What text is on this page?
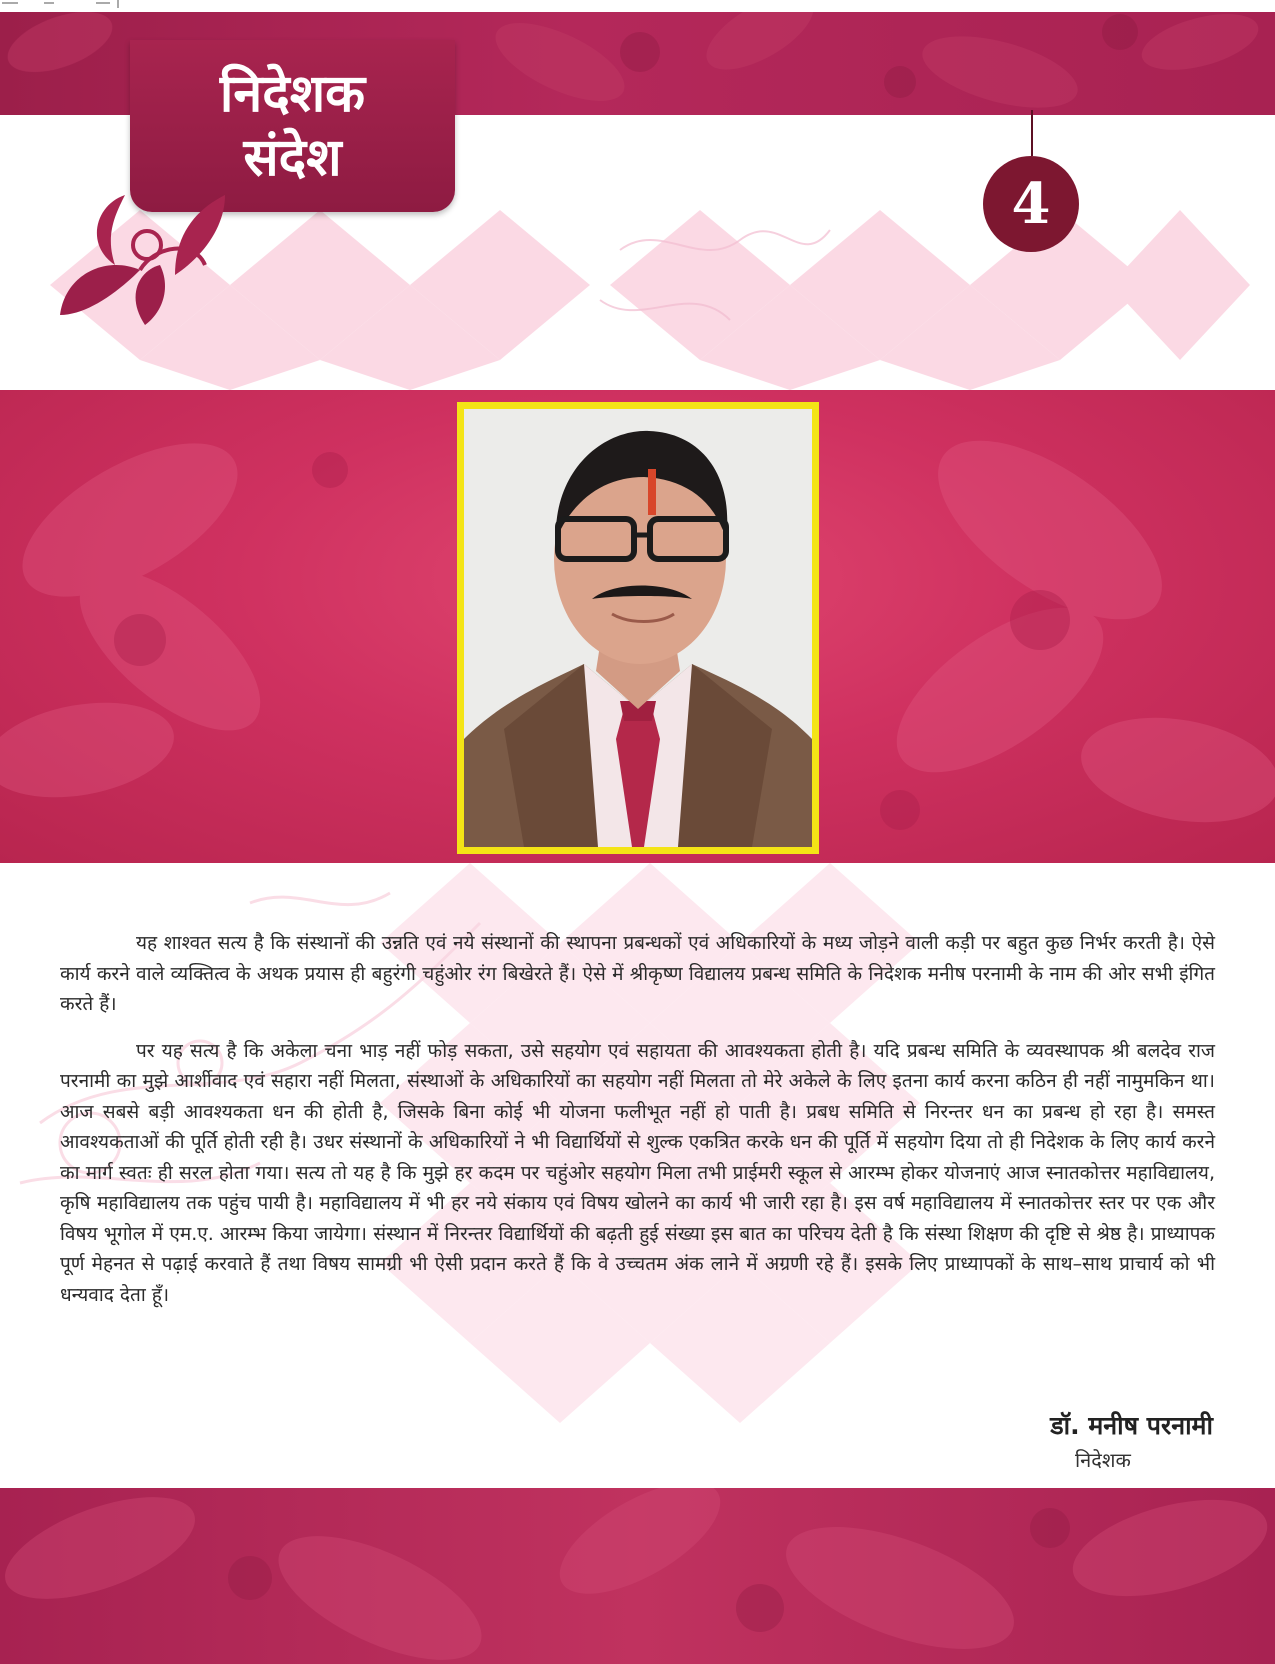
निदेशक
संदेश
4

यह शाश्वत सत्य है कि संस्थानों की उन्नति एवं नये संस्थानों की स्थापना प्रबन्धकों एवं अधिकारियों के मध्य जोड़ने वाली कड़ी पर बहुत कुछ निर्भर करती है। ऐसे कार्य करने वाले व्यक्तित्व के अथक प्रयास ही बहुरंगी चहुंओर रंग बिखेरते हैं। ऐसे में श्रीकृष्ण विद्यालय प्रबन्ध समिति के निदेशक मनीष परनामी के नाम की ओर सभी इंगित करते हैं।

पर यह सत्य है कि अकेला चना भाड़ नहीं फोड़ सकता, उसे सहयोग एवं सहायता की आवश्यकता होती है। यदि प्रबन्ध समिति के व्यवस्थापक श्री बलदेव राज परनामी का मुझे आर्शीवाद एवं सहारा नहीं मिलता, संस्थाओं के अधिकारियों का सहयोग नहीं मिलता तो मेरे अकेले के लिए इतना कार्य करना कठिन ही नहीं नामुमकिन था। आज सबसे बड़ी आवश्यकता धन की होती है, जिसके बिना कोई भी योजना फलीभूत नहीं हो पाती है। प्रबध समिति से निरन्तर धन का प्रबन्ध हो रहा है। समस्त आवश्यकताओं की पूर्ति होती रही है। उधर संस्थानों के अधिकारियों ने भी विद्यार्थियों से शुल्क एकत्रित करके धन की पूर्ति में सहयोग दिया तो ही निदेशक के लिए कार्य करने का मार्ग स्वतः ही सरल होता गया। सत्य तो यह है कि मुझे हर कदम पर चहुंओर सहयोग मिला तभी प्राईमरी स्कूल से आरम्भ होकर योजनाएं आज स्नातकोत्तर महाविद्यालय, कृषि महाविद्यालय तक पहुंच पायी है। महाविद्यालय में भी हर नये संकाय एवं विषय खोलने का कार्य भी जारी रहा है। इस वर्ष महाविद्यालय में स्नातकोत्तर स्तर पर एक और विषय भूगोल में एम.ए. आरम्भ किया जायेगा। संस्थान में निरन्तर विद्यार्थियों की बढ़ती हुई संख्या इस बात का परिचय देती है कि संस्था शिक्षण की दृष्टि से श्रेष्ठ है। प्राध्यापक पूर्ण मेहनत से पढ़ाई करवाते हैं तथा विषय सामग्री भी ऐसी प्रदान करते हैं कि वे उच्चतम अंक लाने में अग्रणी रहे हैं। इसके लिए प्राध्यापकों के साथ–साथ प्राचार्य को भी धन्यवाद देता हूँ।

डॉ. मनीष परनामी
निदेशक
